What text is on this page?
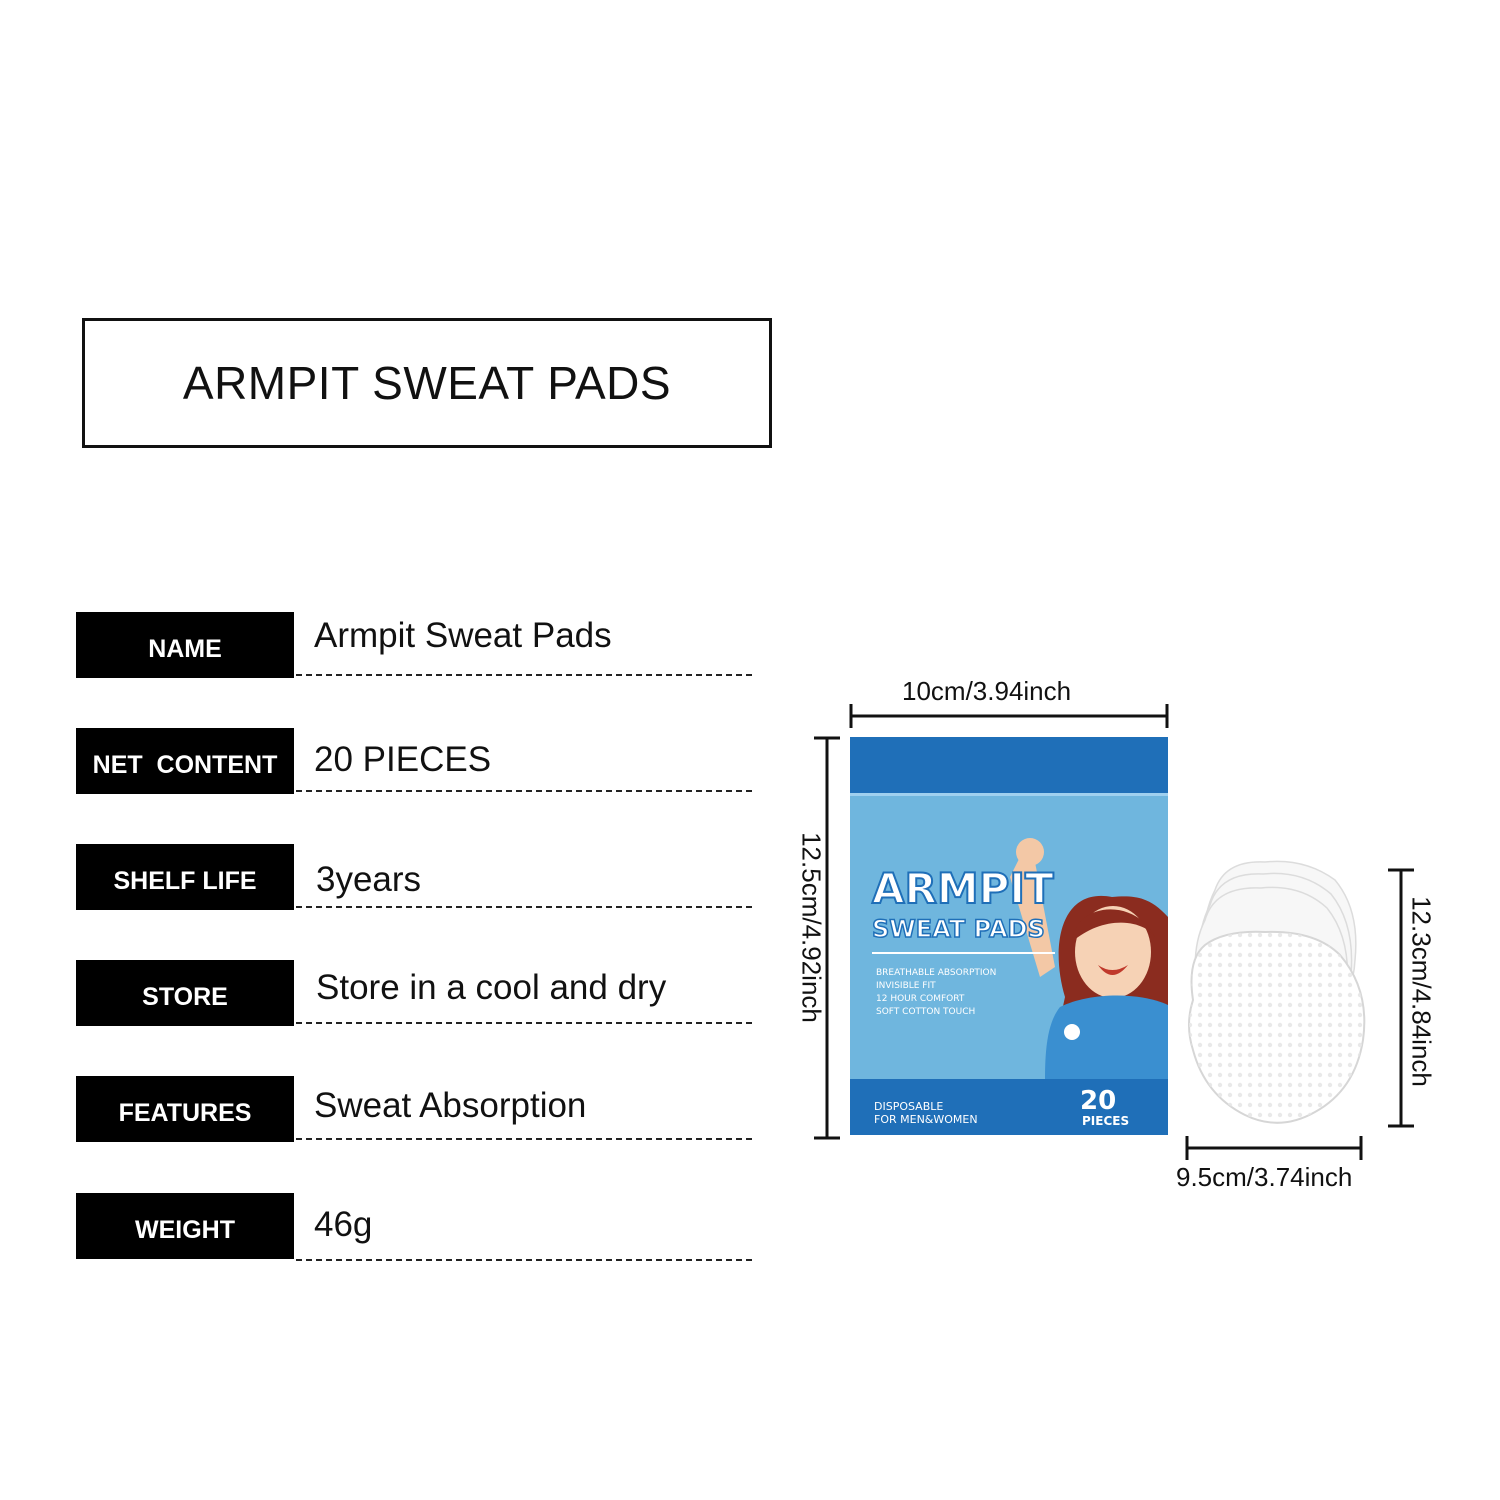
ARMPIT SWEAT PADS
NAME	Armpit Sweat Pads
NET  CONTENT	20 PIECES
SHELF LIFE	3years
STORE	Store in a cool and dry
FEATURES	Sweat Absorption
WEIGHT	46g
10cm/3.94inch
12.5cm/4.92inch ARMPIT
SWEAT PADS
BREATHABLE ABSORPTION
INVISIBLE FIT
12 HOUR COMFORT
SOFT COTTON TOUCH
DISPOSABLE
FOR MEN&WOMEN
20
PIECES
12.3cm/4.84inch
9.5cm/3.74inch
